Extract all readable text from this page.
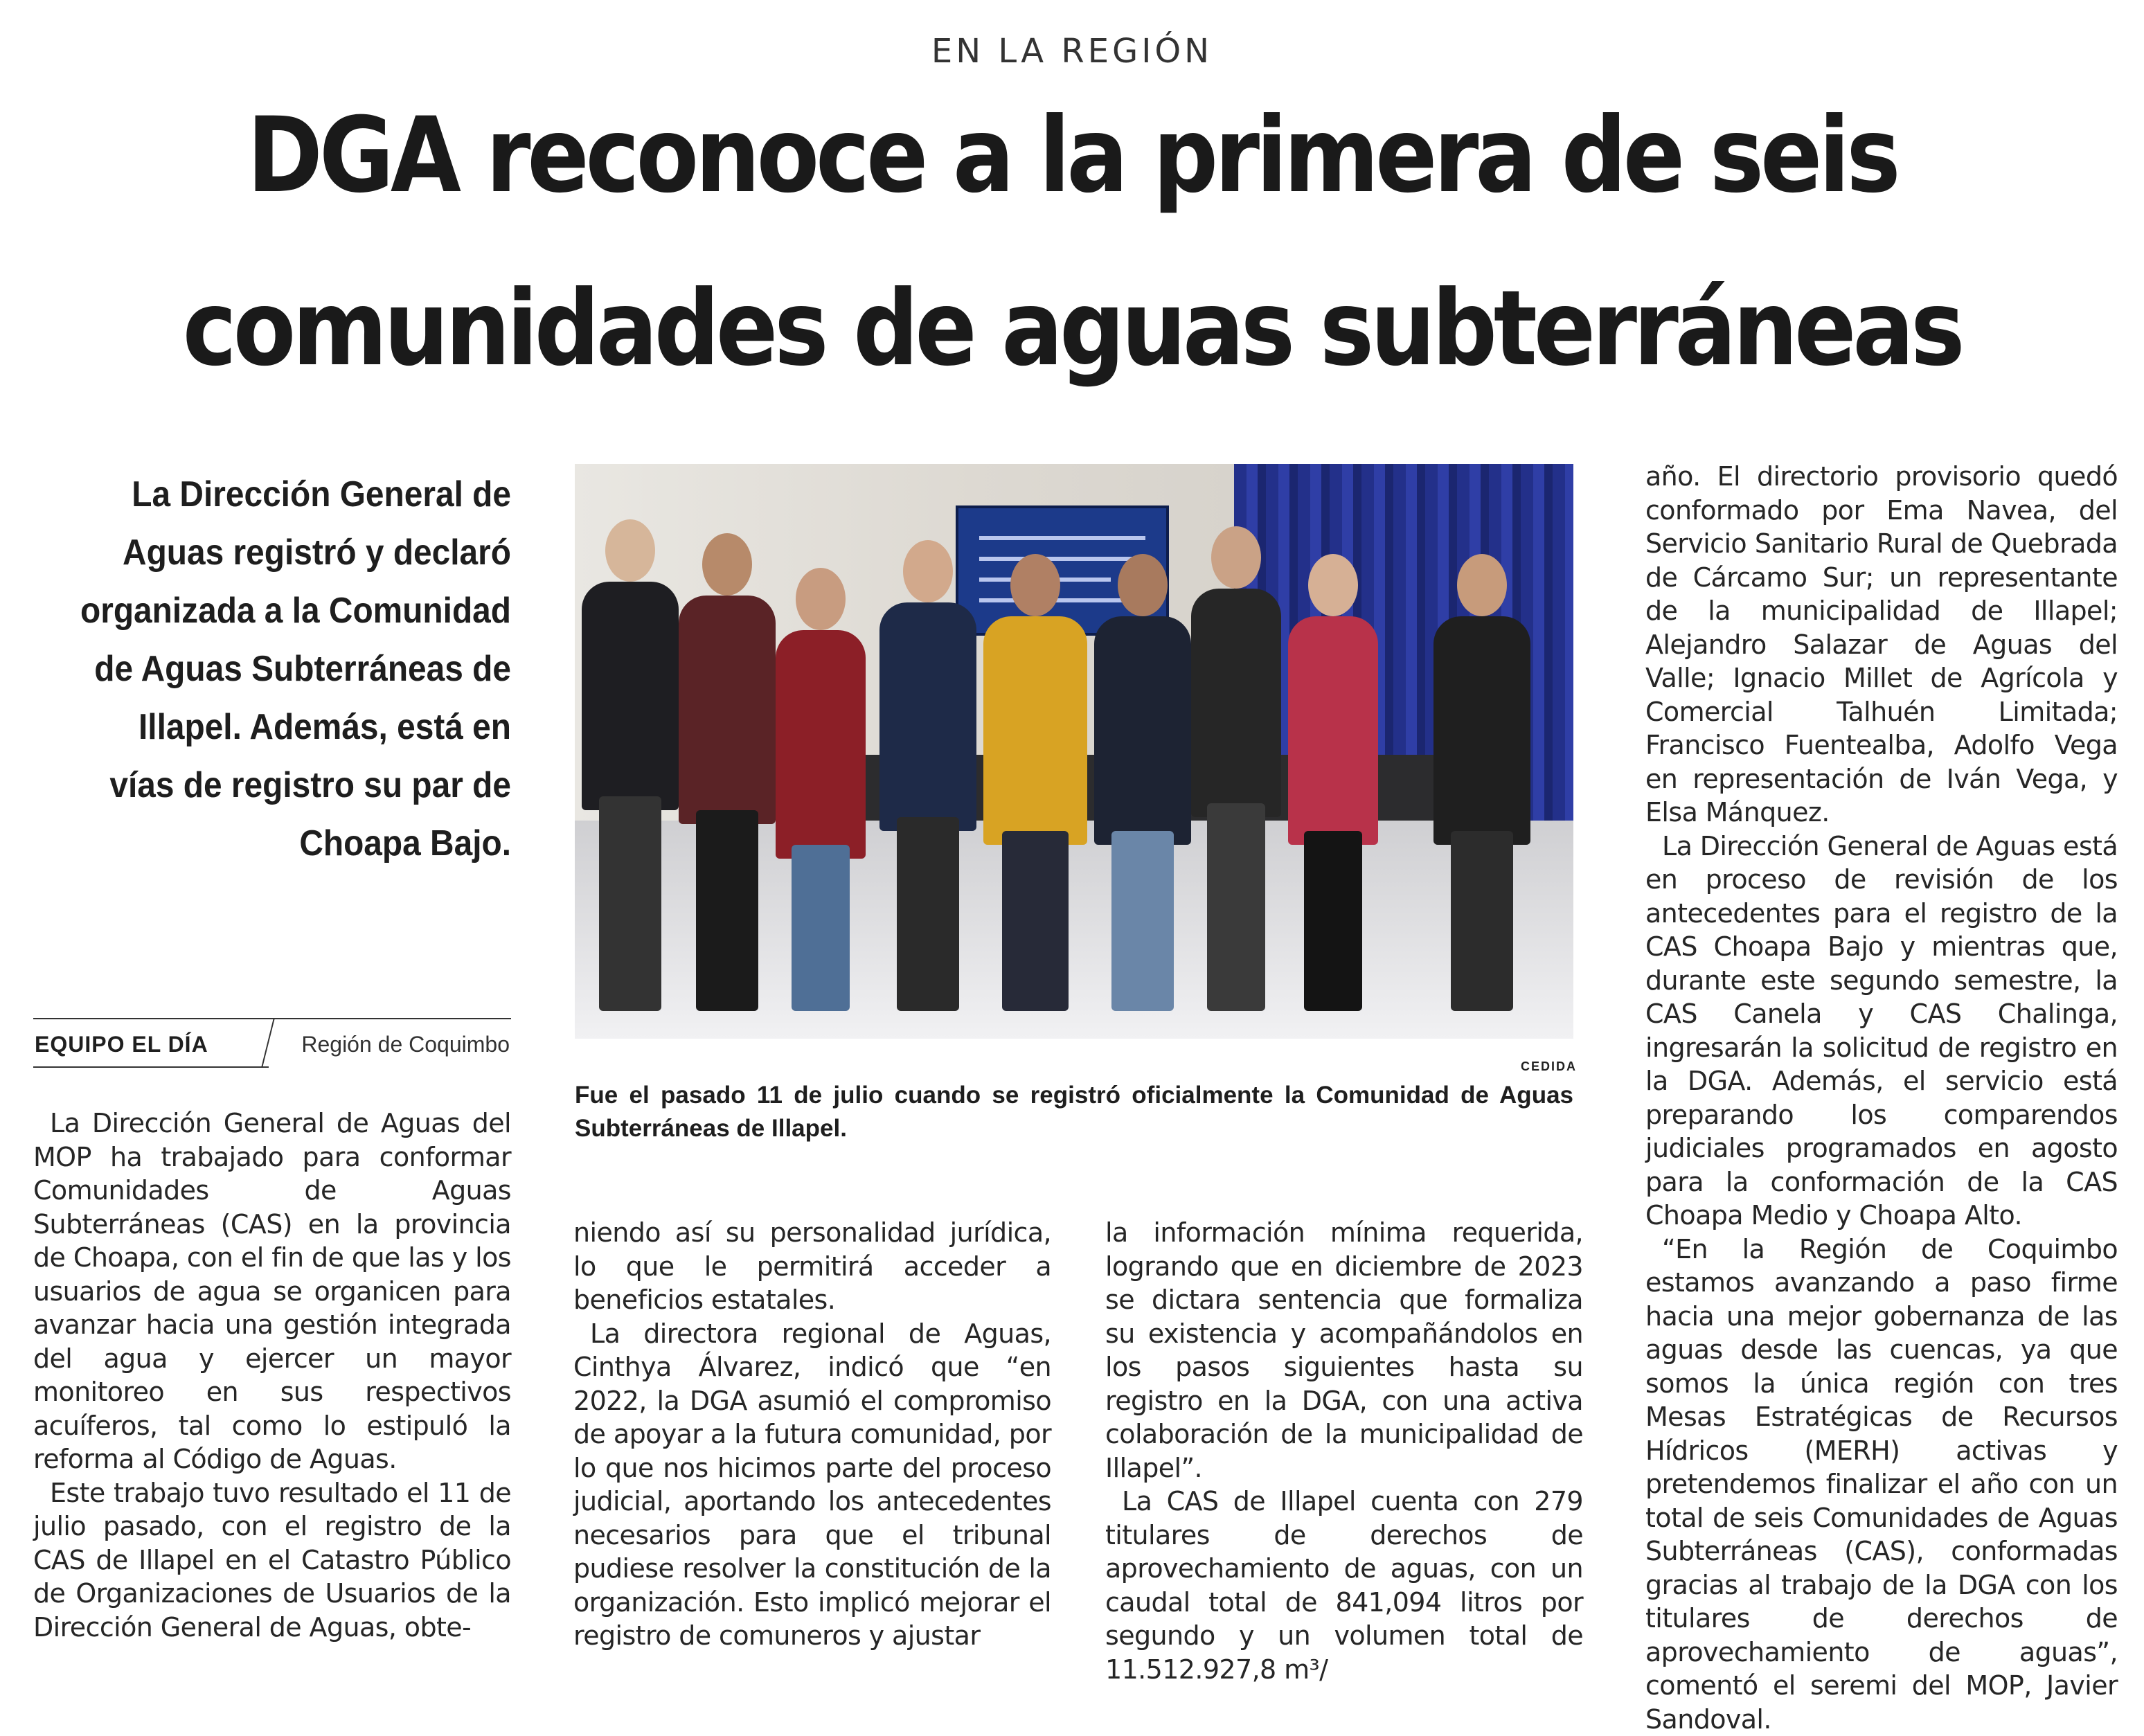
EN LA REGIÓN
DGA reconoce a la primera de seis
comunidades de aguas subterráneas
La Dirección General de Aguas registró y declaró organizada a la Comunidad de Aguas Subterráneas de Illapel. Además, está en vías de registro su par de Choapa Bajo.
EQUIPO EL DÍA	Región de Coquimbo
CEDIDA
Fue el pasado 11 de julio cuando se registró oficialmente la Comunidad de Aguas Subterráneas de Illapel.

La Dirección General de Aguas del MOP ha trabajado para conformar Comunidades de Aguas Subterráneas (CAS) en la provincia de Choapa, con el fin de que las y los usuarios de agua se organicen para avanzar hacia una gestión integrada del agua y ejercer un mayor monitoreo en sus respectivos acuíferos, tal como lo estipuló la reforma al Código de Aguas.

Este trabajo tuvo resultado el 11 de julio pasado, con el registro de la CAS de Illapel en el Catastro Público de Organizaciones de Usuarios de la Dirección General de Aguas, obte-

niendo así su personalidad jurídica, lo que le permitirá acceder a beneficios estatales.

La directora regional de Aguas, Cinthya Álvarez, indicó que “en 2022, la DGA asumió el compromiso de apoyar a la futura comunidad, por lo que nos hicimos parte del proceso judicial, aportando los antecedentes necesarios para que el tribunal pudiese resolver la constitución de la organización. Esto implicó mejorar el registro de comuneros y ajustar

la información mínima requerida, logrando que en diciembre de 2023 se dictara sentencia que formaliza su existencia y acompañándolos en los pasos siguientes hasta su registro en la DGA, con una activa colaboración de la municipalidad de Illapel”.

La CAS de Illapel cuenta con 279 titulares de derechos de aprovechamiento de aguas, con un caudal total de 841,094 litros por segundo y un volumen total de 11.512.927,8 m³/

año. El directorio provisorio quedó conformado por Ema Navea, del Servicio Sanitario Rural de Quebrada de Cárcamo Sur; un representante de la municipalidad de Illapel; Alejandro Salazar de Aguas del Valle; Ignacio Millet de Agrícola y Comercial Talhuén Limitada; Francisco Fuentealba, Adolfo Vega en representación de Iván Vega, y Elsa Mánquez.

La Dirección General de Aguas está en proceso de revisión de los antecedentes para el registro de la CAS Choapa Bajo y mientras que, durante este segundo semestre, la CAS Canela y CAS Chalinga, ingresarán la solicitud de registro en la DGA. Además, el servicio está preparando los comparendos judiciales programados en agosto para la conformación de la CAS Choapa Medio y Choapa Alto.

“En la Región de Coquimbo estamos avanzando a paso firme hacia una mejor gobernanza de las aguas desde las cuencas, ya que somos la única región con tres Mesas Estratégicas de Recursos Hídricos (MERH) activas y pretendemos finalizar el año con un total de seis Comunidades de Aguas Subterráneas (CAS), conformadas gracias al trabajo de la DGA con los titulares de derechos de aprovechamiento de aguas”, comentó el seremi del MOP, Javier Sandoval.
